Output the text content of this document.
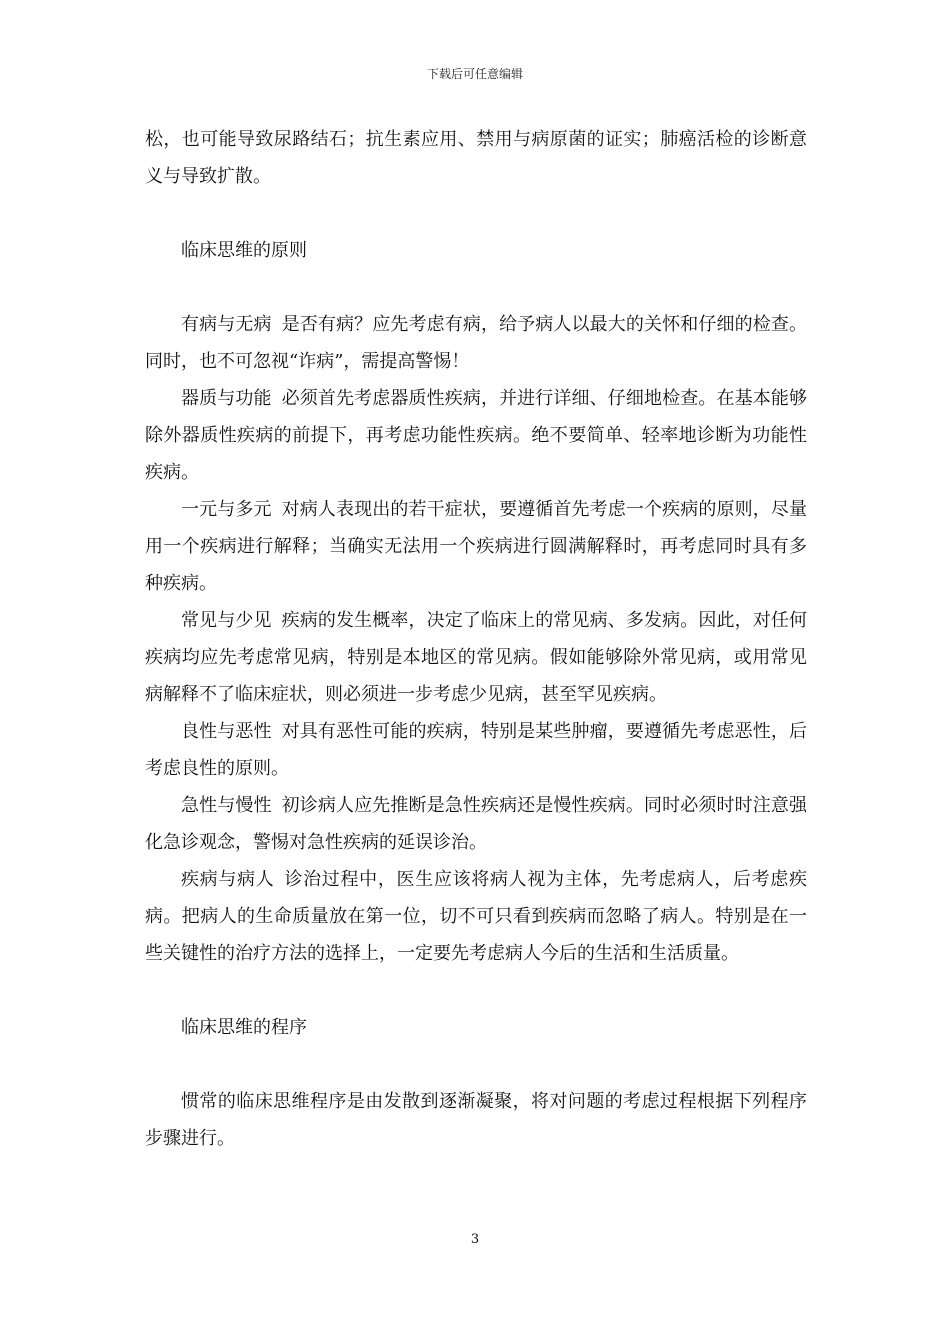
下载后可任意编辑

松，也可能导致尿路结石；抗生素应用、禁用与病原菌的证实；肺癌活检的诊断意义与导致扩散。

临床思维的原则

有病与无病 是否有病？应先考虑有病，给予病人以最大的关怀和仔细的检查。同时，也不可忽视“诈病”，需提高警惕！

器质与功能 必须首先考虑器质性疾病，并进行详细、仔细地检查。在基本能够除外器质性疾病的前提下，再考虑功能性疾病。绝不要简单、轻率地诊断为功能性疾病。

一元与多元 对病人表现出的若干症状，要遵循首先考虑一个疾病的原则，尽量用一个疾病进行解释；当确实无法用一个疾病进行圆满解释时，再考虑同时具有多种疾病。

常见与少见 疾病的发生概率，决定了临床上的常见病、多发病。因此，对任何疾病均应先考虑常见病，特别是本地区的常见病。假如能够除外常见病，或用常见病解释不了临床症状，则必须进一步考虑少见病，甚至罕见疾病。

良性与恶性 对具有恶性可能的疾病，特别是某些肿瘤，要遵循先考虑恶性，后考虑良性的原则。

急性与慢性 初诊病人应先推断是急性疾病还是慢性疾病。同时必须时时注意强化急诊观念，警惕对急性疾病的延误诊治。

疾病与病人 诊治过程中，医生应该将病人视为主体，先考虑病人，后考虑疾病。把病人的生命质量放在第一位，切不可只看到疾病而忽略了病人。特别是在一些关键性的治疗方法的选择上，一定要先考虑病人今后的生活和生活质量。

临床思维的程序

惯常的临床思维程序是由发散到逐渐凝聚，将对问题的考虑过程根据下列程序步骤进行。

3
